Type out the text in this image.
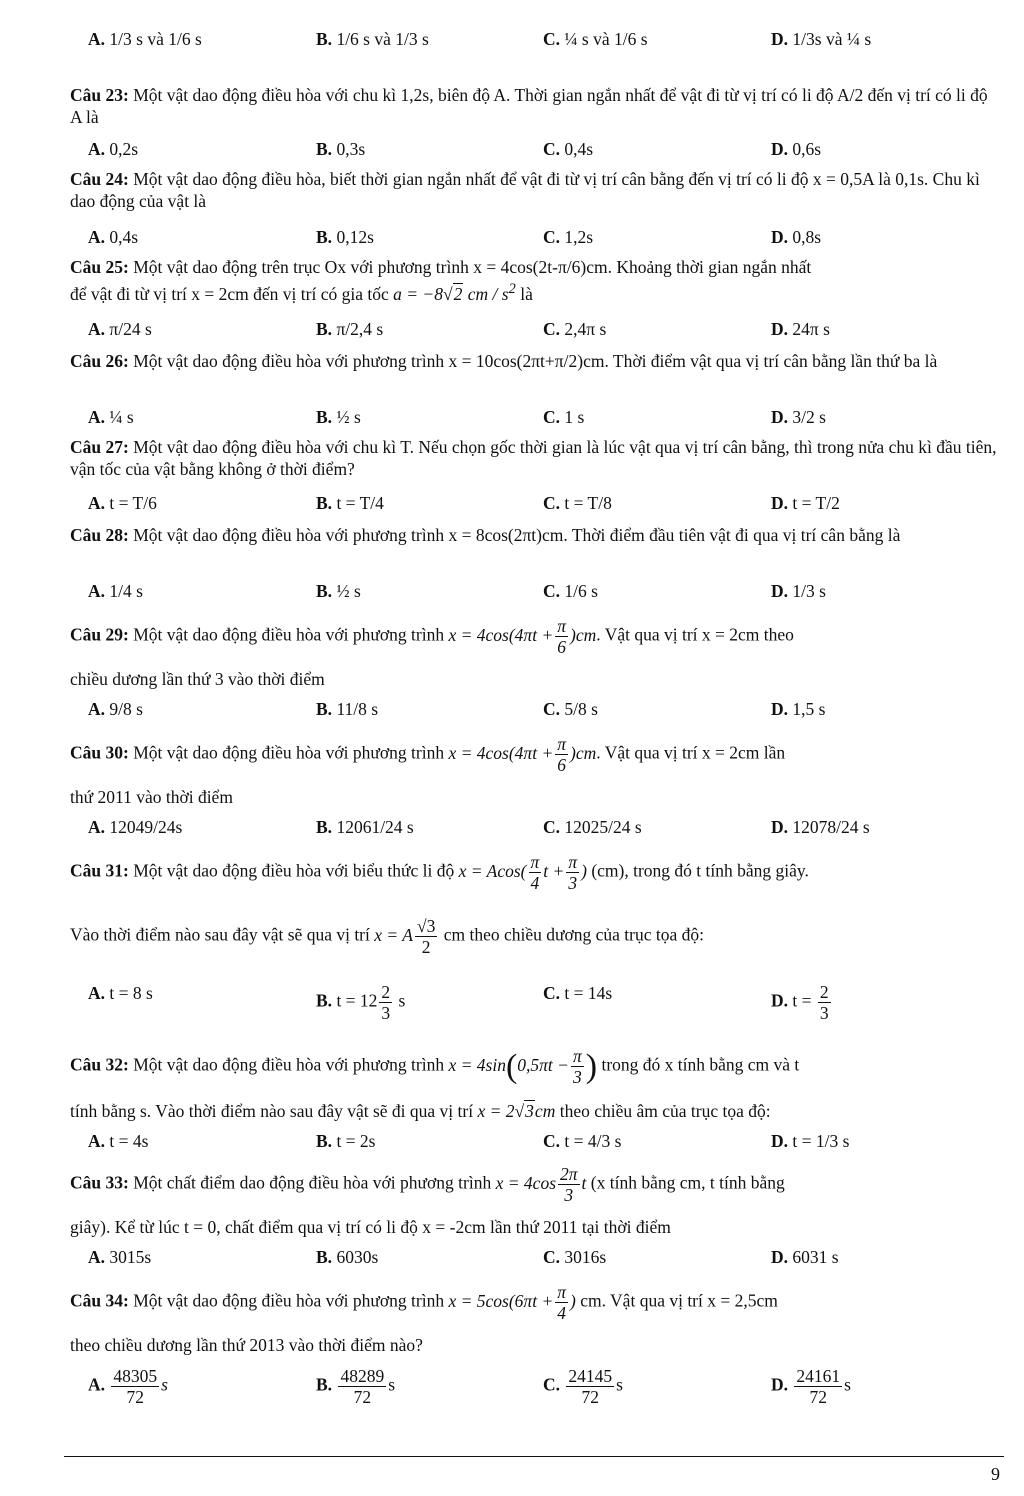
A. 1/3 s và 1/6 s	B. 1/6 s và 1/3 s	C. ¼ s và 1/6 s	D. 1/3s và ¼ s
Câu 23: Một vật dao động điều hòa với chu kì 1,2s, biên độ A. Thời gian ngắn nhất để vật đi từ vị trí có li độ A/2 đến vị trí có li độ A là
A. 0,2s	B. 0,3s	C. 0,4s	D. 0,6s
Câu 24: Một vật dao động điều hòa, biết thời gian ngắn nhất để vật đi từ vị trí cân bằng đến vị trí có li độ x = 0,5A là 0,1s. Chu kì dao động của vật là
A. 0,4s	B. 0,12s	C. 1,2s	D. 0,8s
Câu 25: Một vật dao động trên trục Ox với phương trình x = 4cos(2t-π/6)cm. Khoảng thời gian ngắn nhất
để vật đi từ vị trí x = 2cm đến vị trí có gia tốc a = −8√2 cm / $s^2$ là
A. π/24 s	B. π/2,4 s	C. 2,4π s	D. 24π s
Câu 26: Một vật dao động điều hòa với phương trình x = 10cos(2πt+π/2)cm. Thời điểm vật qua vị trí cân bằng lần thứ ba là
A. ¼ s	B. ½ s	C. 1 s	D. 3/2 s
Câu 27: Một vật dao động điều hòa với chu kì T. Nếu chọn gốc thời gian là lúc vật qua vị trí cân bằng, thì trong nửa chu kì đầu tiên, vận tốc của vật bằng không ở thời điểm?
A. t = T/6	B. t = T/4	C. t = T/8	D. t = T/2
Câu 28: Một vật dao động điều hòa với phương trình x = 8cos(2πt)cm. Thời điểm đầu tiên vật đi qua vị trí cân bằng là
A. 1/4 s	B. ½ s	C. 1/6 s	D. 1/3 s
Câu 29: Một vật dao động điều hòa với phương trình $x = 4\cos(4\pi t + \frac{\pi}{6} )cm$. Vật qua vị trí x = 2cm theo
chiều dương lần thứ 3 vào thời điểm
A. 9/8 s	B. 11/8 s	C. 5/8 s	D. 1,5 s
Câu 30: Một vật dao động điều hòa với phương trình $x = 4\cos(4\pi t + \frac{\pi}{6} )cm$. Vật qua vị trí x = 2cm lần
thứ 2011 vào thời điểm
A. 12049/24s	B. 12061/24 s	C. 12025/24 s	D. 12078/24 s
Câu 31: Một vật dao động điều hòa với biểu thức li độ $x = Acos( \frac{\pi}{4}$ $t + \frac{\pi}{3}$ ) (cm), trong đó t tính bằng giây.
Vào thời điểm nào sau đây vật sẽ qua vị trí x = A $\frac{√3}{2}$ cm theo chiều dương của trục tọa độ:
A. t = 8 s	B. $t = 12 \frac{2}{3}$ s	C. t = 14s	D. $t = \frac{2}{3}$
Câu 32: Một vật dao động điều hòa với phương trình $x = 4\sin(0,5\pi t - \frac{\pi}{3}$ ) trong đó x tính bằng cm và t
tính bằng s. Vào thời điểm nào sau đây vật sẽ đi qua vị trí x = 2√3cm theo chiều âm của trục tọa độ:
A. t = 4s	B. t = 2s	C. t = 4/3 s	D. t = 1/3 s
Câu 33: Một chất điểm dao động điều hòa với phương trình $x = 4\cos \frac{2\pi}{3}$ t (x tính bằng cm, t tính bằng
giây). Kể từ lúc t = 0, chất điểm qua vị trí có li độ x = -2cm lần thứ 2011 tại thời điểm
A. 3015s	B. 6030s	C. 3016s	D. 6031 s
Câu 34: Một vật dao động điều hòa với phương trình $x = 5\cos(6\pi t + \frac{\pi}{4}$ ) cm. Vật qua vị trí x = 2,5cm
theo chiều dương lần thứ 2013 vào thời điểm nào?
A. $\frac{48305}{72}$ s	B. $\frac{48289}{72}$ s	C. $\frac{24145}{72}$ s	D. $\frac{24161}{72}$ s
9
